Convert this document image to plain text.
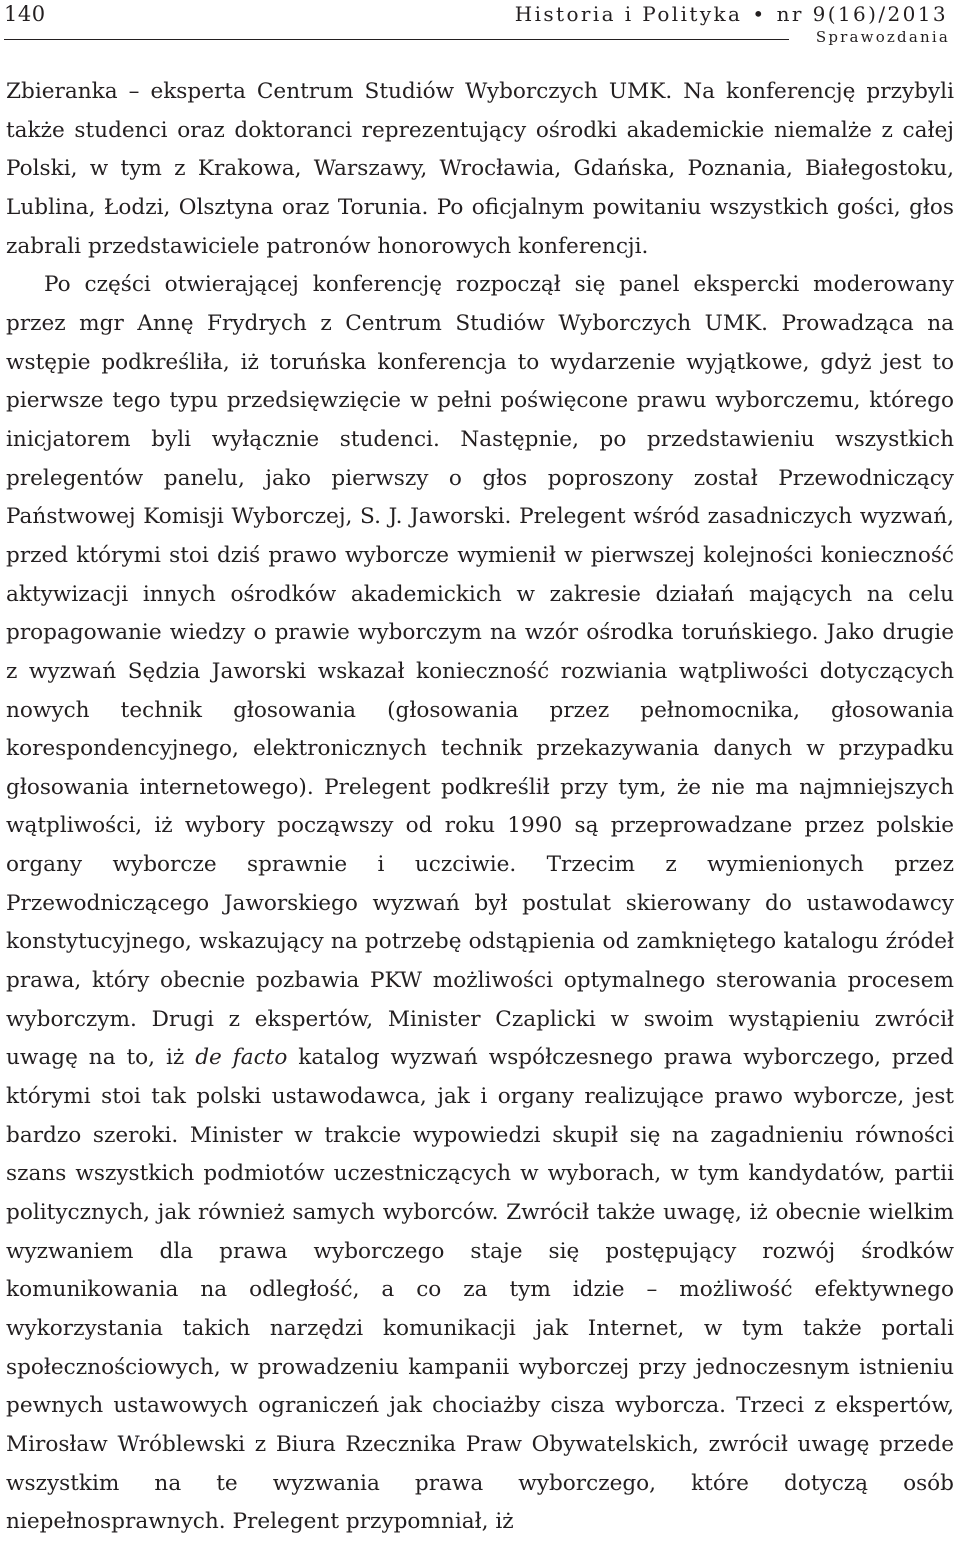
140	Historia i Polityka • nr 9(16)/2013
Sprawozdania

Zbieranka – eksperta Centrum Studiów Wyborczych UMK. Na konferencję przybyli także studenci oraz doktoranci reprezentujący ośrodki akademickie niemalże z całej Polski, w tym z Krakowa, Warszawy, Wrocławia, Gdańska, Poznania, Białegostoku, Lublina, Łodzi, Olsztyna oraz Torunia. Po oficjalnym powitaniu wszystkich gości, głos zabrali przedstawiciele patronów honorowych konferencji.

Po części otwierającej konferencję rozpoczął się panel ekspercki moderowany przez mgr Annę Frydrych z Centrum Studiów Wyborczych UMK. Prowadząca na wstępie podkreśliła, iż toruńska konferencja to wydarzenie wyjątkowe, gdyż jest to pierwsze tego typu przedsięwzięcie w pełni poświęcone prawu wyborczemu, którego inicjatorem byli wyłącznie studenci. Następnie, po przedstawieniu wszystkich prelegentów panelu, jako pierwszy o głos poproszony został Przewodniczący Państwowej Komisji Wyborczej, S. J. Jaworski. Prelegent wśród zasadniczych wyzwań, przed którymi stoi dziś prawo wyborcze wymienił w pierwszej kolejności konieczność aktywizacji innych ośrodków akademickich w zakresie działań mających na celu propagowanie wiedzy o prawie wyborczym na wzór ośrodka toruńskiego. Jako drugie z wyzwań Sędzia Jaworski wskazał konieczność rozwiania wątpliwości dotyczących nowych technik głosowania (głosowania przez pełnomocnika, głosowania korespondencyjnego, elektronicznych technik przekazywania danych w przypadku głosowania internetowego). Prelegent podkreślił przy tym, że nie ma najmniejszych wątpliwości, iż wybory począwszy od roku 1990 są przeprowadzane przez polskie organy wyborcze sprawnie i uczciwie. Trzecim z wymienionych przez Przewodniczącego Jaworskiego wyzwań był postulat skierowany do ustawodawcy konstytucyjnego, wskazujący na potrzebę odstąpienia od zamkniętego katalogu źródeł prawa, który obecnie pozbawia PKW możliwości optymalnego sterowania procesem wyborczym. Drugi z ekspertów, Minister Czaplicki w swoim wystąpieniu zwrócił uwagę na to, iż de facto katalog wyzwań współczesnego prawa wyborczego, przed którymi stoi tak polski ustawodawca, jak i organy realizujące prawo wyborcze, jest bardzo szeroki. Minister w trakcie wypowiedzi skupił się na zagadnieniu równości szans wszystkich podmiotów uczestniczących w wyborach, w tym kandydatów, partii politycznych, jak również samych wyborców. Zwrócił także uwagę, iż obecnie wielkim wyzwaniem dla prawa wyborczego staje się postępujący rozwój środków komunikowania na odległość, a co za tym idzie – możliwość efektywnego wykorzystania takich narzędzi komunikacji jak Internet, w tym także portali społecznościowych, w prowadzeniu kampanii wyborczej przy jednoczesnym istnieniu pewnych ustawowych ograniczeń jak chociażby cisza wyborcza. Trzeci z ekspertów, Mirosław Wróblewski z Biura Rzecznika Praw Obywatelskich, zwrócił uwagę przede wszystkim na te wyzwania prawa wyborczego, które dotyczą osób niepełnosprawnych. Prelegent przypomniał, iż
